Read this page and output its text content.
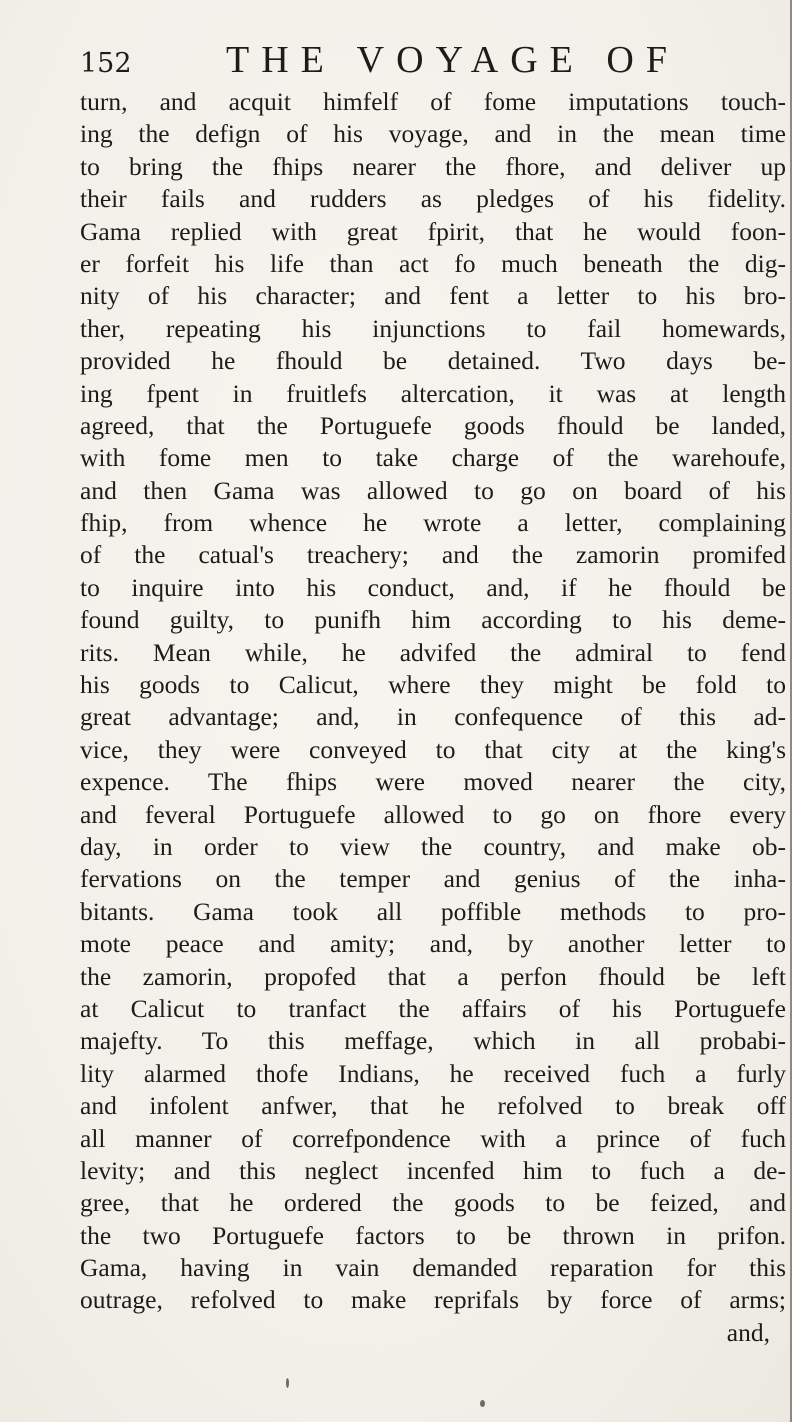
152 THE VOYAGE OF
turn, and acquit himfelf of fome imputations touch-
ing the defign of his voyage, and in the mean time
to bring the fhips nearer the fhore, and deliver up
their fails and rudders as pledges of his fidelity.
Gama replied with great fpirit, that he would foon-
er forfeit his life than act fo much beneath the dig-
nity of his character; and fent a letter to his bro-
ther, repeating his injunctions to fail homewards,
provided he fhould be detained. Two days be-
ing fpent in fruitlefs altercation, it was at length
agreed, that the Portuguefe goods fhould be landed,
with fome men to take charge of the warehoufe,
and then Gama was allowed to go on board of his
fhip, from whence he wrote a letter, complaining
of the catual's treachery; and the zamorin promifed
to inquire into his conduct, and, if he fhould be
found guilty, to punifh him according to his deme-
rits. Mean while, he advifed the admiral to fend
his goods to Calicut, where they might be fold to
great advantage; and, in confequence of this ad-
vice, they were conveyed to that city at the king's
expence. The fhips were moved nearer the city,
and feveral Portuguefe allowed to go on fhore every
day, in order to view the country, and make ob-
fervations on the temper and genius of the inha-
bitants. Gama took all poffible methods to pro-
mote peace and amity; and, by another letter to
the zamorin, propofed that a perfon fhould be left
at Calicut to tranfact the affairs of his Portuguefe
majefty. To this meffage, which in all probabi-
lity alarmed thofe Indians, he received fuch a furly
and infolent anfwer, that he refolved to break off
all manner of correfpondence with a prince of fuch
levity; and this neglect incenfed him to fuch a de-
gree, that he ordered the goods to be feized, and
the two Portuguefe factors to be thrown in prifon.
Gama, having in vain demanded reparation for this
outrage, refolved to make reprifals by force of arms;
and,
